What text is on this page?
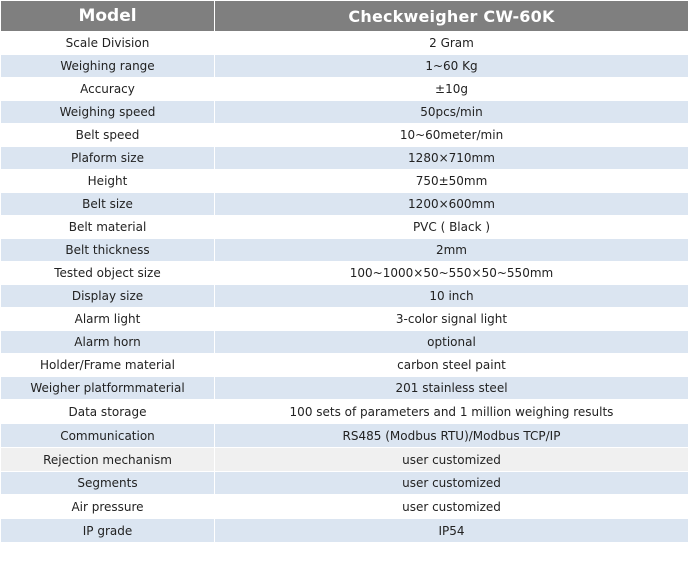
Model	Checkweigher CW-60K
Scale Division	2 Gram
Weighing range	1~60 Kg
Accuracy	±10g
Weighing speed	50pcs/min
Belt speed	10~60meter/min
Plaform size	1280×710mm
Height	750±50mm
Belt size	1200×600mm
Belt material	PVC ( Black )
Belt thickness	2mm
Tested object size	100~1000×50~550×50~550mm
Display size	10 inch
Alarm light	3-color signal light
Alarm horn	optional
Holder/Frame material	carbon steel paint
Weigher platformmaterial	201 stainless steel
Data storage	100 sets of parameters and 1 million weighing results
Communication	RS485 (Modbus RTU)/Modbus TCP/IP
Rejection mechanism	user customized
Segments	user customized
Air pressure	user customized
IP grade	IP54
